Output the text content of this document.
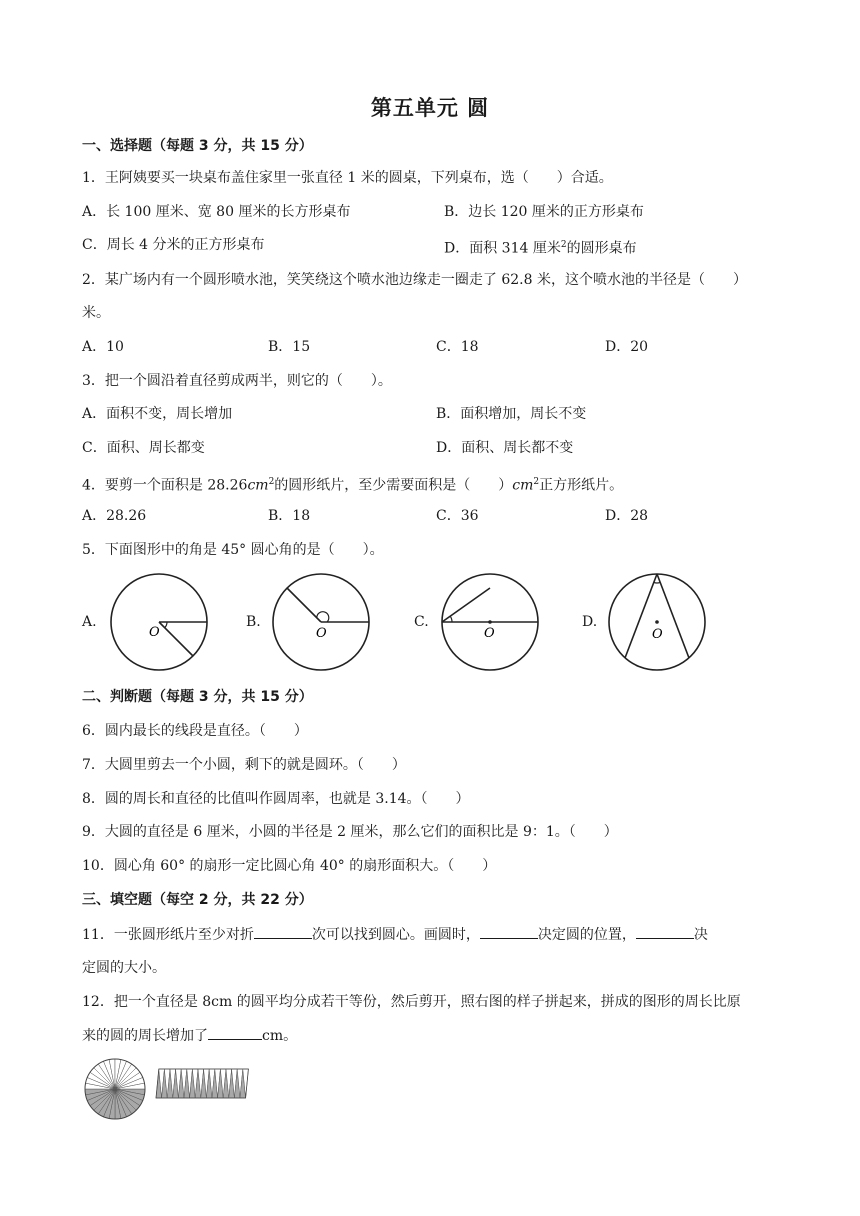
第五单元 圆
一、选择题（每题 3 分，共 15 分）
1．王阿姨要买一块桌布盖住家里一张直径 1 米的圆桌，下列桌布，选（　　）合适。
A．长 100 厘米、宽 80 厘米的长方形桌布	B．边长 120 厘米的正方形桌布
C．周长 4 分米的正方形桌布	D．面积 314 厘米$^2$的圆形桌布
2．某广场内有一个圆形喷水池，笑笑绕这个喷水池边缘走一圈走了 62.8 米，这个喷水池的半径是（　　）
米。
A．10	B．15	C．18	D．20
3．把一个圆沿着直径剪成两半，则它的（　　）。
A．面积不变，周长增加	B．面积增加，周长不变
C．面积、周长都变	D．面积、周长都不变
4．要剪一个面积是 $28.26cm^2$的圆形纸片，至少需要面积是（　　）$cm^2$正方形纸片。
A．28.26	B．18	C．36	D．28
5．下面图形中的角是 45° 圆心角的是（　　）。
A.
O
B.
O
C.
O
D.
O
二、判断题（每题 3 分，共 15 分）
6．圆内最长的线段是直径。（　　）
7．大圆里剪去一个小圆，剩下的就是圆环。（　　）
8．圆的周长和直径的比值叫作圆周率，也就是 3.14。（　　）
9．大圆的直径是 6 厘米，小圆的半径是 2 厘米，那么它们的面积比是 9：1。（　　）
10．圆心角 60° 的扇形一定比圆心角 40° 的扇形面积大。（　　）
三、填空题（每空 2 分，共 22 分）
11．一张圆形纸片至少对折	次可以找到圆心。画圆时，	决定圆的位置，	决
定圆的大小。
12．把一个直径是 8cm 的圆平均分成若干等份，然后剪开，照右图的样子拼起来，拼成的图形的周长比原
来的圆的周长增加了	cm。
